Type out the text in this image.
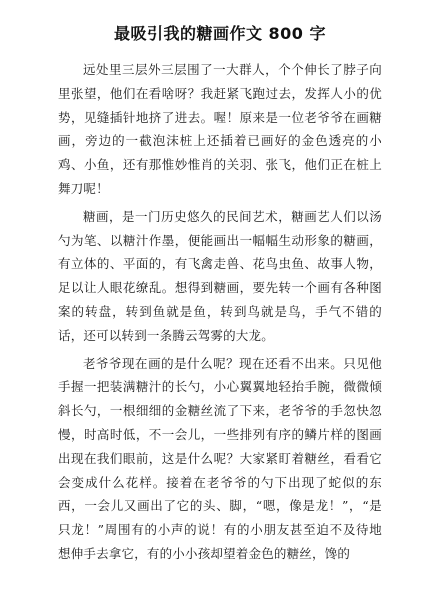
最吸引我的糖画作文 800 字

远处里三层外三层围了一大群人，个个伸长了脖子向里张望，他们在看啥呀？我赶紧飞跑过去，发挥人小的优势，见缝插针地挤了进去。喔！原来是一位老爷爷在画糖画，旁边的一截泡沫桩上还插着已画好的金色透亮的小鸡、小鱼，还有那惟妙惟肖的关羽、张飞，他们正在桩上舞刀呢！

糖画，是一门历史悠久的民间艺术，糖画艺人们以汤勺为笔、以糖汁作墨，便能画出一幅幅生动形象的糖画，有立体的、平面的，有飞禽走兽、花鸟虫鱼、故事人物，足以让人眼花缭乱。想得到糖画，要先转一个画有各种图案的转盘，转到鱼就是鱼，转到鸟就是鸟，手气不错的话，还可以转到一条腾云驾雾的大龙。

老爷爷现在画的是什么呢？现在还看不出来。只见他手握一把装满糖汁的长勺，小心翼翼地轻抬手腕，微微倾斜长勺，一根细细的金糖丝流了下来，老爷爷的手忽快忽慢，时高时低，不一会儿，一些排列有序的鳞片样的图画出现在我们眼前，这是什么呢？大家紧盯着糖丝，看看它会变成什么花样。接着在老爷爷的勺下出现了蛇似的东西，一会儿又画出了它的头、脚，“嗯，像是龙！”，“是只龙！”周围有的小声的说！有的小朋友甚至迫不及待地想伸手去拿它，有的小小孩却望着金色的糖丝，馋的
